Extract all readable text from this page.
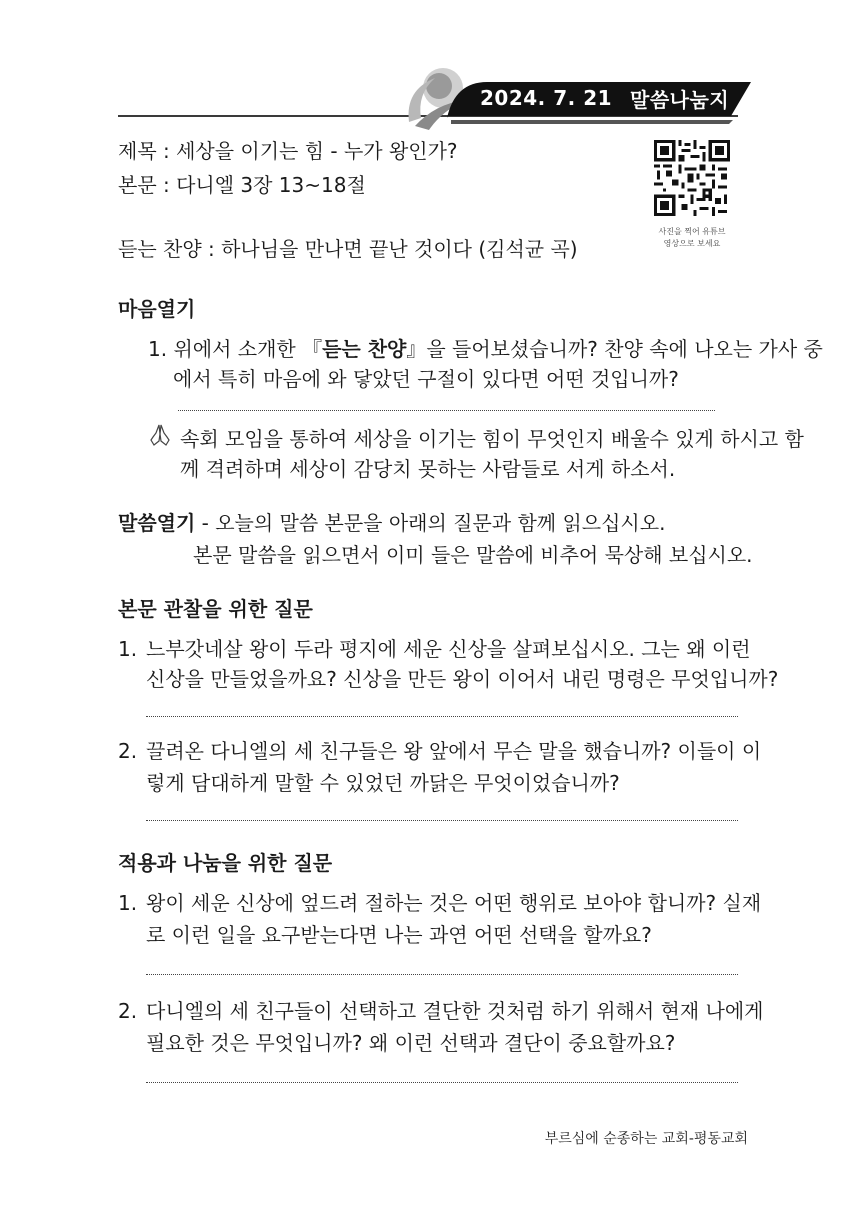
2024. 7. 21 말씀나눔지
제목 : 세상을 이기는 힘 - 누가 왕인가?
본문 : 다니엘 3장 13~18절
듣는 찬양 : 하나님을 만나면 끝난 것이다 (김석균 곡)
사진을 찍어 유튜브
영상으로 보세요
마음열기
1. 위에서 소개한 『듣는 찬양』을 들어보셨습니까? 찬양 속에 나오는 가사 중
에서 특히 마음에 와 닿았던 구절이 있다면 어떤 것입니까?
속회 모임을 통하여 세상을 이기는 힘이 무엇인지 배울수 있게 하시고 함
께 격려하며 세상이 감당치 못하는 사람들로 서게 하소서.
말씀열기 - 오늘의 말씀 본문을 아래의 질문과 함께 읽으십시오.
본문 말씀을 읽으면서 이미 들은 말씀에 비추어 묵상해 보십시오.
본문 관찰을 위한 질문
1. 느부갓네살 왕이 두라 평지에 세운 신상을 살펴보십시오. 그는 왜 이런
신상을 만들었을까요? 신상을 만든 왕이 이어서 내린 명령은 무엇입니까?
2. 끌려온 다니엘의 세 친구들은 왕 앞에서 무슨 말을 했습니까? 이들이 이
렇게 담대하게 말할 수 있었던 까닭은 무엇이었습니까?
적용과 나눔을 위한 질문
1. 왕이 세운 신상에 엎드려 절하는 것은 어떤 행위로 보아야 합니까? 실재
로 이런 일을 요구받는다면 나는 과연 어떤 선택을 할까요?
2. 다니엘의 세 친구들이 선택하고 결단한 것처럼 하기 위해서 현재 나에게
필요한 것은 무엇입니까? 왜 이런 선택과 결단이 중요할까요?
부르심에 순종하는 교회-평동교회
